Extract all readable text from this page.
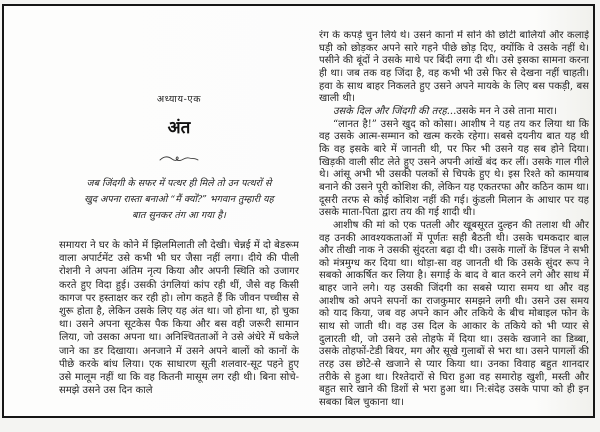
अध्याय-एक
अंत
जब जिंदगी के सफर में पत्थर ही मिले तो उन पत्थरों से
खुद अपना रास्ता बनाओ “मैं क्यों?” भगवान तुम्हारी यह
बात सुनकर तंग आ गया है।
समायरा ने घर के कोने में झिलमिलाती लौ देखी। चेन्नई में दो बेडरूम वाला अपार्टमेंट उसे कभी भी घर जैसा नहीं लगा। दीये की पीली रोशनी ने अपना अंतिम नृत्य किया और अपनी स्थिति को उजागर करते हुए विदा हुई। उसकी उंगलियां कांप रही थीं, जैसे वह किसी कागज पर हस्ताक्षर कर रही हो। लोग कहते हैं कि जीवन पच्चीस से शुरू होता है, लेकिन उसके लिए यह अंत था। जो होना था, हो चुका था। उसने अपना सूटकेस पैक किया और बस वही जरूरी सामान लिया, जो उसका अपना था। अनिश्चितताओं ने उसे अंधेरे में धकेले जाने का डर दिखाया। अनजाने में उसने अपने बालों को कानों के पीछे करके बांध लिया। एक साधारण सूती शलवार-सूट पहने हुए उसे मालूम नहीं था कि वह कितनी मासूम लग रही थी। बिना सोचे-समझे उसने उस दिन काले
रंग के कपड़े चुन लिये थे। उसने कानों में सोने की छोटी बालियों और कलाई घड़ी को छोड़कर अपने सारे गहने पीछे छोड़ दिए, क्योंकि वे उसके नहीं थे। पसीने की बूंदों ने उसके माथे पर बिंदी लगा दी थी। उसे इसका सामना करना ही था। जब तक वह जिंदा है, वह कभी भी उसे फिर से देखना नहीं चाहती। हवा के साथ बाहर निकलते हुए उसने अपने मायके के लिए बस पकड़ी, बस खाली थी।
उसके दिल और जिंदगी की तरह...उसके मन ने उसे ताना मारा।
“लानत है!” उसने खुद को कोसा। आशीष ने यह तय कर लिया था कि वह उसके आत्म-सम्मान को खत्म करके रहेगा। सबसे दयनीय बात यह थी कि वह इसके बारे में जानती थी, पर फिर भी उसने यह सब होने दिया। खिड़की वाली सीट लेते हुए उसने अपनी आंखें बंद कर लीं। उसके गाल गीले थे। आंसू अभी भी उसकी पलकों से चिपके हुए थे। इस रिश्ते को कामयाब बनाने की उसने पूरी कोशिश की, लेकिन यह एकतरफा और कठिन काम था। दूसरी तरफ से कोई कोशिश नहीं की गई। कुंडली मिलान के आधार पर यह उसके माता-पिता द्वारा तय की गई शादी थी।
आशीष की मां को एक पतली और खूबसूरत दुल्हन की तलाश थी और वह उनकी आवश्यकताओं में पूर्णतः सही बैठती थी। उसके चमकदार बाल और तीखी नाक ने उसकी सुंदरता बढ़ा दी थी। उसके गालों के डिंपल ने सभी को मंत्रमुग्ध कर दिया था। थोड़ा-सा वह जानती थी कि उसके सुंदर रूप ने सबको आकर्षित कर लिया है। सगाई के बाद वे बात करने लगे और साथ में बाहर जाने लगे। यह उसकी जिंदगी का सबसे प्यारा समय था और वह आशीष को अपने सपनों का राजकुमार समझने लगी थी। उसने उस समय को याद किया, जब वह अपने कान और तकिये के बीच मोबाइल फोन के साथ सो जाती थी। वह उस दिल के आकार के तकिये को भी प्यार से दुलारती थी, जो उसने उसे तोहफे में दिया था। उसके खजाने का डिब्बा, उसके तोहफों-टेडी बियर, मग और सूखे गुलाबों से भरा था। उसने पागलों की तरह उस छोटे-से खजाने से प्यार किया था। उनका विवाह बहुत शानदार तरीके से हुआ था। रिश्तेदारों से घिरा हुआ वह समारोह खुशी, मस्ती और बहुत सारे खाने की डिशों से भरा हुआ था। नि:संदेह उसके पापा को ही इन सबका बिल चुकाना था।
